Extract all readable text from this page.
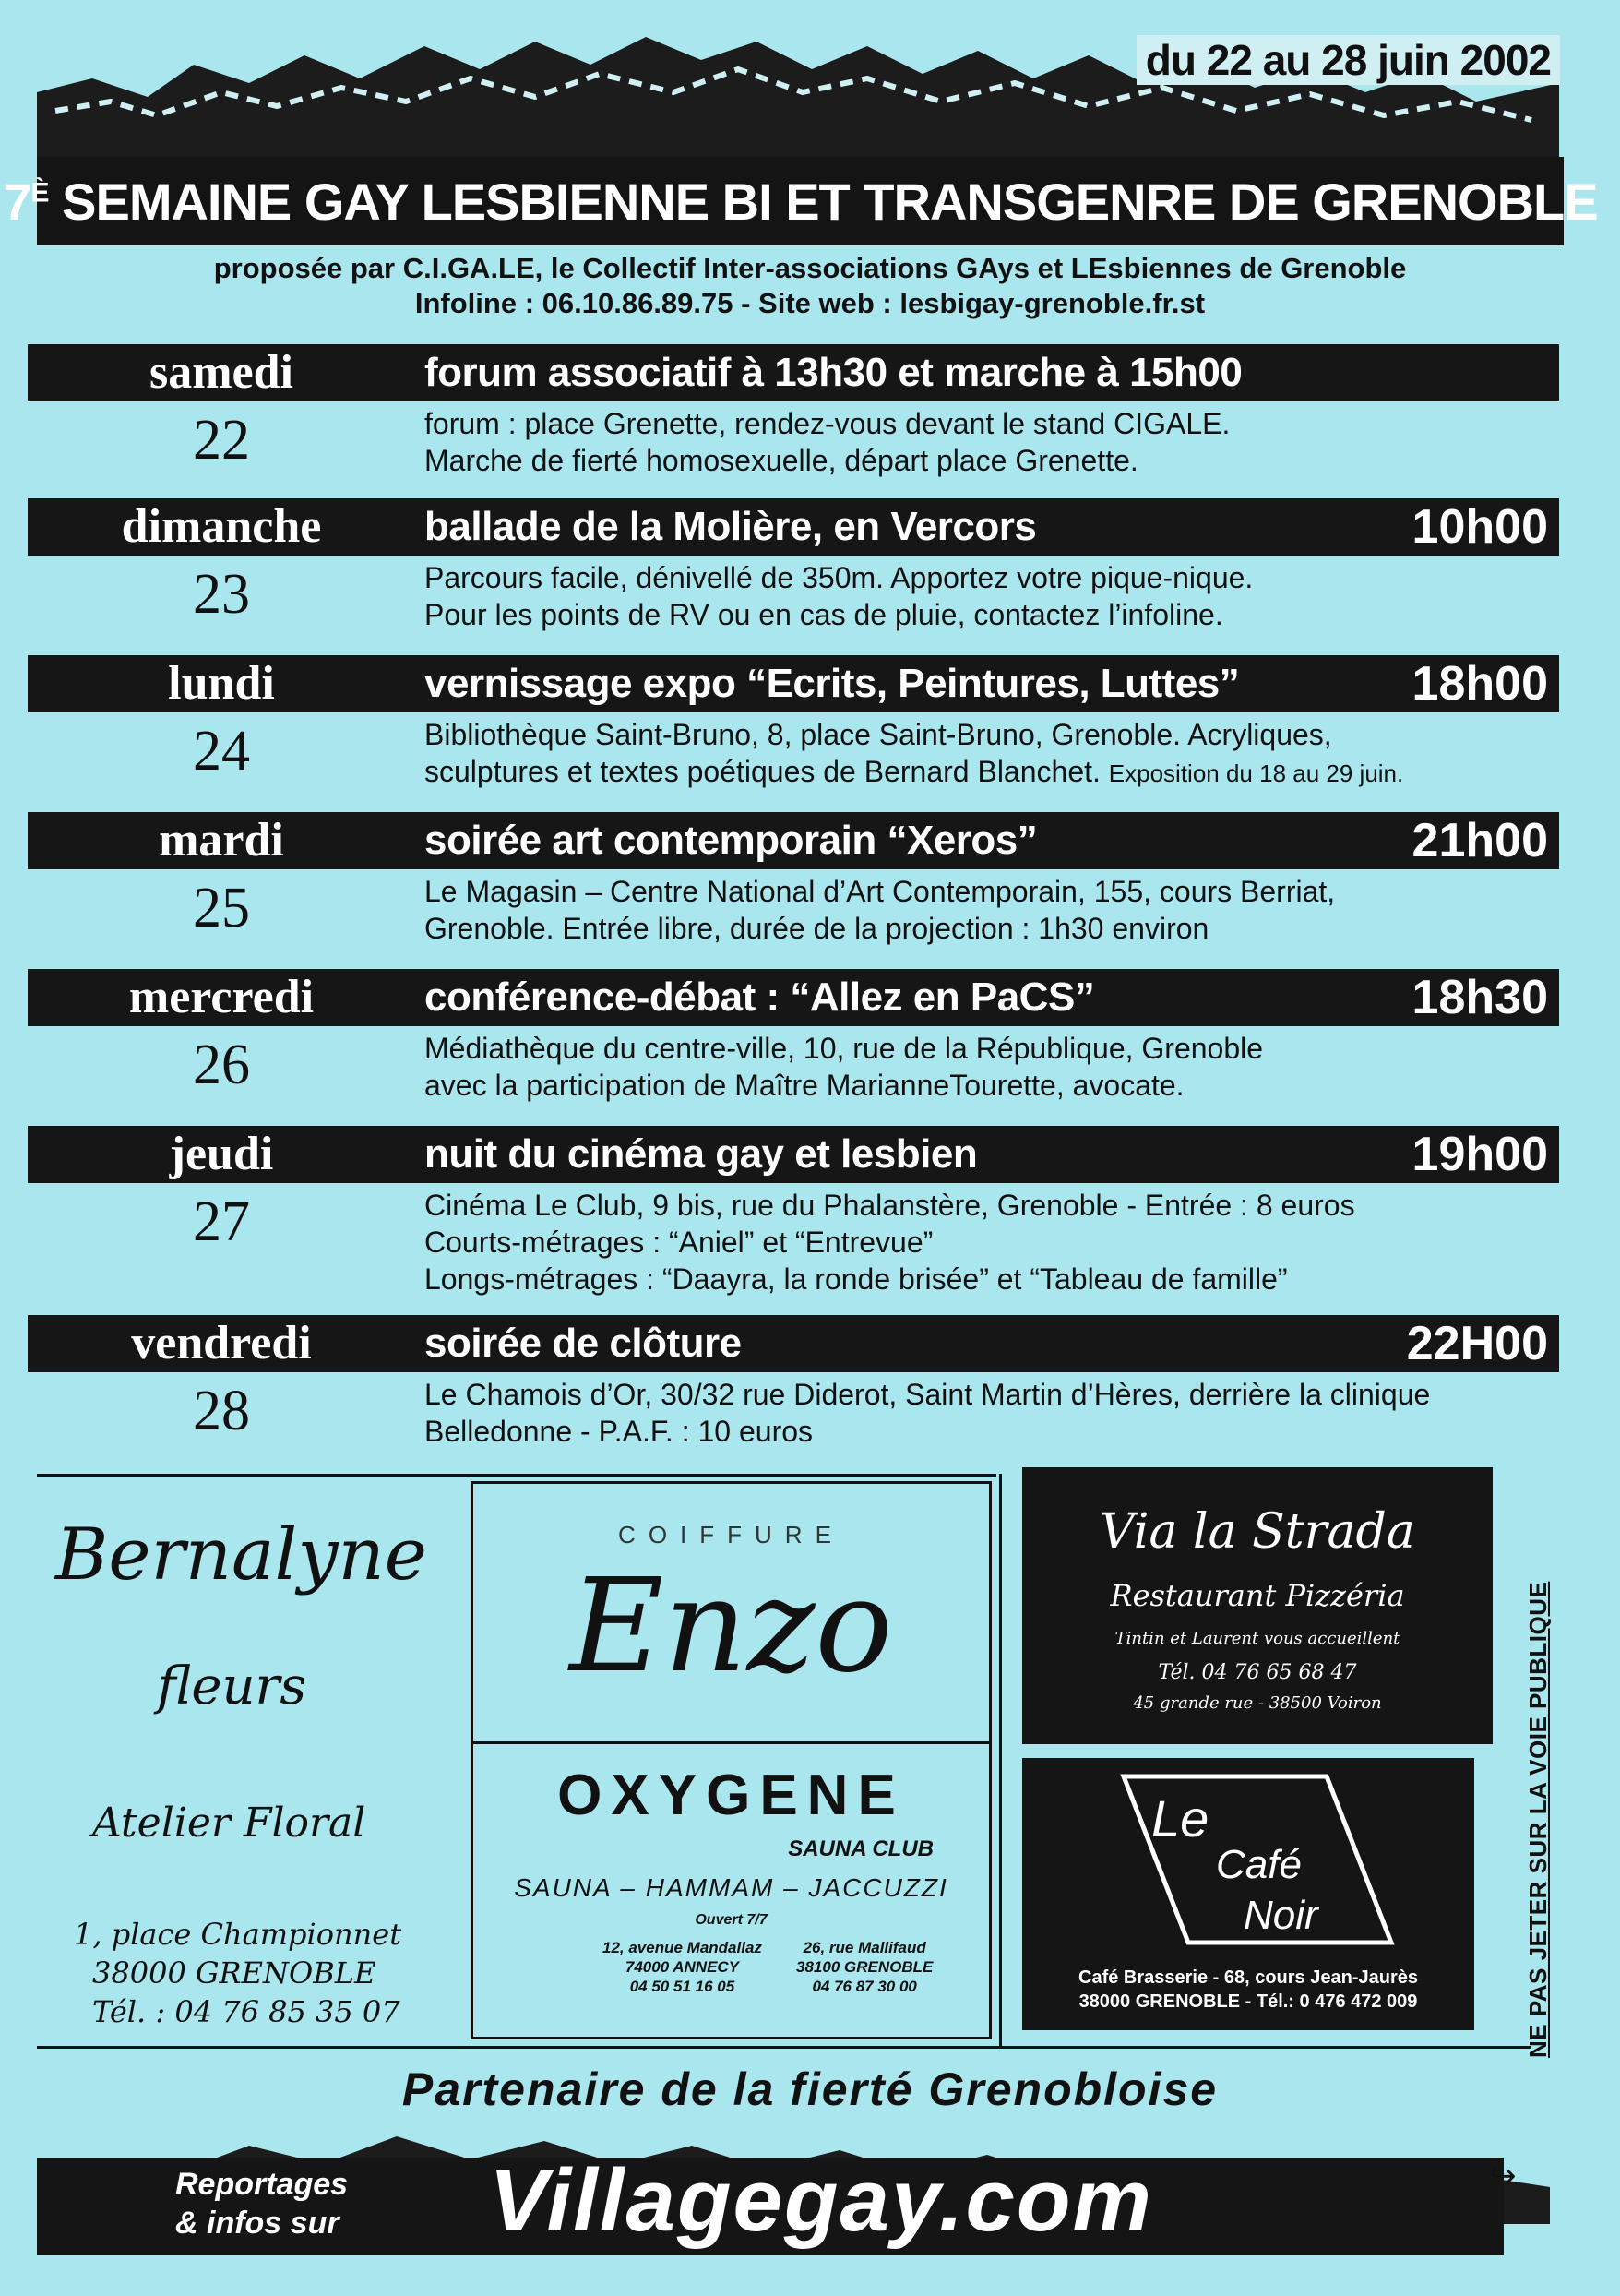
du 22 au 28 juin 2002
$7^È$ SEMAINE GAY LESBIENNE BI ET TRANSGENRE DE GRENOBLE
proposée par C.I.GA.LE, le Collectif Inter-associations GAys et LEsbiennes de Grenoble
Infoline : 06.10.86.89.75 - Site web : lesbigay-grenoble.fr.st
samedi	forum associatif à 13h30 et marche à 15h00
22	forum : place Grenette, rendez-vous devant le stand CIGALE.
Marche de fierté homosexuelle, départ place Grenette.
dimanche	ballade de la Molière, en Vercors	10h00
23	Parcours facile, dénivellé de 350m. Apportez votre pique-nique.
Pour les points de RV ou en cas de pluie, contactez l’infoline.
lundi	vernissage expo “Ecrits, Peintures, Luttes”	18h00
24	Bibliothèque Saint-Bruno, 8, place Saint-Bruno, Grenoble. Acryliques,
sculptures et textes poétiques de Bernard Blanchet. Exposition du 18 au 29 juin.
mardi	soirée art contemporain “Xeros”	21h00
25	Le Magasin – Centre National d’Art Contemporain, 155, cours Berriat,
Grenoble. Entrée libre, durée de la projection : 1h30 environ
mercredi	conférence-débat : “Allez en PaCS”	18h30
26	Médiathèque du centre-ville, 10, rue de la République, Grenoble
avec la participation de Maître MarianneTourette, avocate.
jeudi	nuit du cinéma gay et lesbien	19h00
27	Cinéma Le Club, 9 bis, rue du Phalanstère, Grenoble - Entrée : 8 euros
Courts-métrages : “Aniel” et “Entrevue”
Longs-métrages : “Daayra, la ronde brisée” et “Tableau de famille”
vendredi	soirée de clôture	22H00
28	Le Chamois d’Or, 30/32 rue Diderot, Saint Martin d’Hères, derrière la clinique
Belledonne - P.A.F. : 10 euros
Bernalyne
fleurs
Atelier Floral
1, place Championnet
38000 GRENOBLE
Tél. : 04 76 85 35 07
COIFFURE
Enzo
OXYGENE
SAUNA CLUB
SAUNA – HAMMAM – JACCUZZI
Ouvert 7/7
12, avenue Mandallaz
74000 ANNECY
04 50 51 16 05
26, rue Mallifaud
38100 GRENOBLE
04 76 87 30 00
Via la Strada
Restaurant Pizzéria
Tintin et Laurent vous accueillent
Tél. 04 76 65 68 47
45 grande rue - 38500 Voiron
Le
Café
Noir
Café Brasserie - 68, cours Jean-Jaurès
38000 GRENOBLE - Tél.: 0 476 472 009	NE PAS JETER SUR LA VOIE PUBLIQUE
Partenaire de la fierté Grenobloise
Reportages
& infos sur Villagegay.com	↪
